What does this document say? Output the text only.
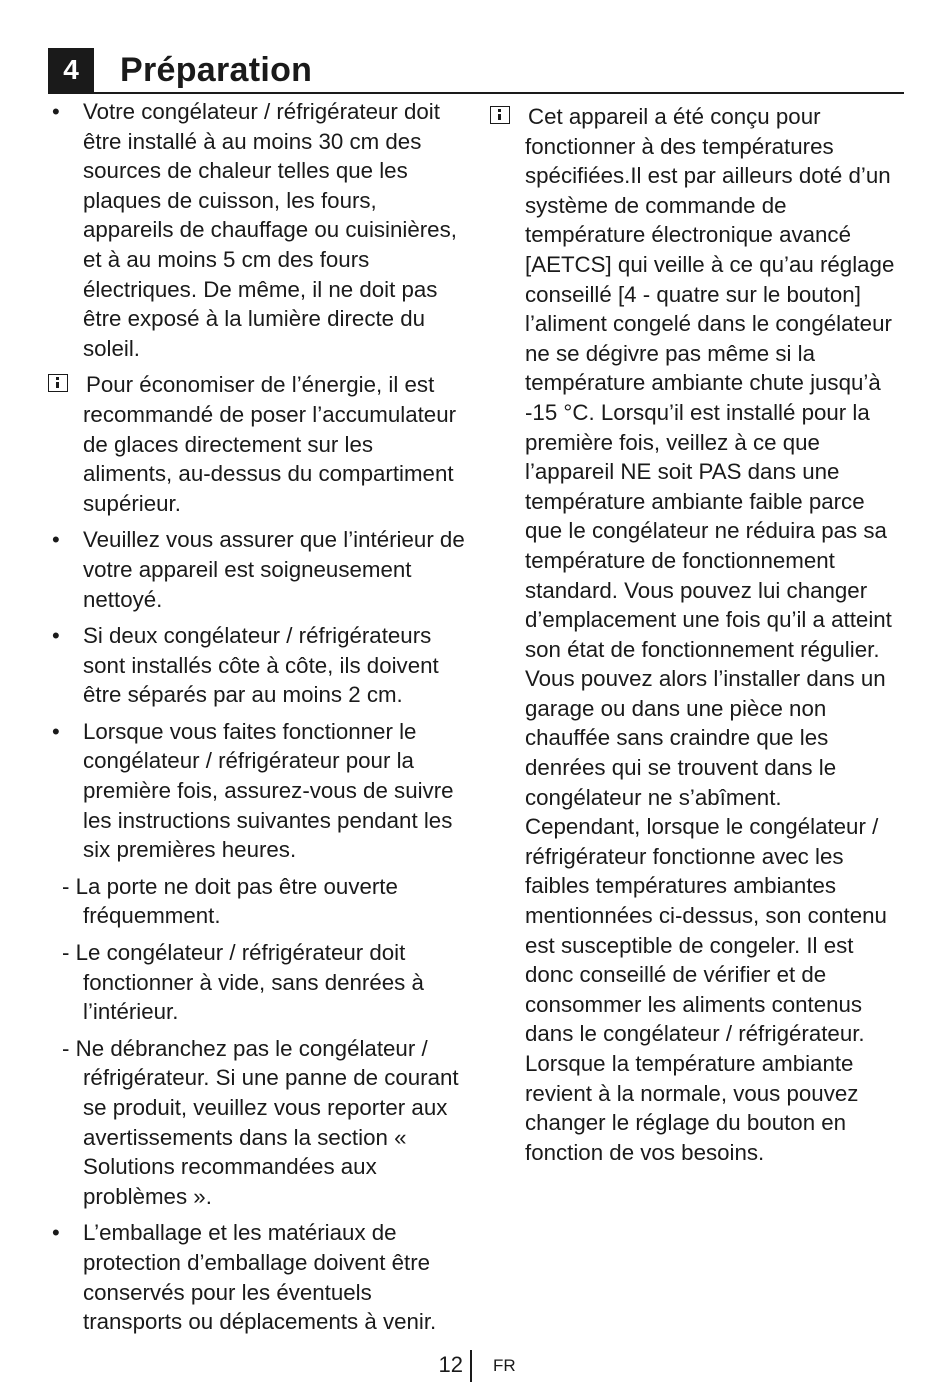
4	Préparation
• Votre congélateur / réfrigérateur doit être installé à au moins 30 cm des sources de chaleur telles que les plaques de cuisson, les fours, appareils de chauffage ou cuisinières, et à au moins 5 cm des fours électriques. De même, il ne doit pas être exposé à la lumière directe du soleil.
Pour économiser de l’énergie, il est recommandé de poser l’accumulateur de glaces directement sur les aliments, au-dessus du compartiment supérieur.
• Veuillez vous assurer que l’intérieur de votre appareil est soigneusement nettoyé.
• Si deux congélateur / réfrigérateurs sont installés côte à côte, ils doivent être séparés par au moins 2 cm.
• Lorsque vous faites fonctionner le congélateur / réfrigérateur pour la première fois, assurez-vous de suivre les instructions suivantes pendant les six premières heures.
- La porte ne doit pas être ouverte fréquemment.
- Le congélateur / réfrigérateur doit fonctionner à vide, sans denrées à l’intérieur.
- Ne débranchez pas le congélateur / réfrigérateur. Si une panne de courant se produit, veuillez vous reporter aux avertissements dans la section « Solutions recommandées aux problèmes ».
• L’emballage et les matériaux de protection d’emballage doivent être conservés pour les éventuels transports ou déplacements à venir.
Cet appareil a été conçu pour fonctionner à des températures spécifiées.Il est par ailleurs doté d’un système de commande de température électronique avancé [AETCS] qui veille à ce qu’au réglage conseillé [4 - quatre sur le bouton] l’aliment congelé dans le congélateur ne se dégivre pas même si la température ambiante chute jusqu’à -15 °C. Lorsqu’il est installé pour la première fois, veillez à ce que l’appareil NE soit PAS dans une température ambiante faible parce que le congélateur ne réduira pas sa température de fonctionnement standard. Vous pouvez lui changer d’emplacement une fois qu’il a atteint son état de fonctionnement régulier. Vous pouvez alors l’installer dans un garage ou dans une pièce non chauffée sans craindre que les denrées qui se trouvent dans le congélateur ne s’abîment. Cependant, lorsque le congélateur / réfrigérateur fonctionne avec les faibles températures ambiantes mentionnées ci-dessus, son contenu est susceptible de congeler. Il est donc conseillé de vérifier et de consommer les aliments contenus dans le congélateur / réfrigérateur. Lorsque la température ambiante revient à la normale, vous pouvez changer le réglage du bouton en fonction de vos besoins.
12 FR
